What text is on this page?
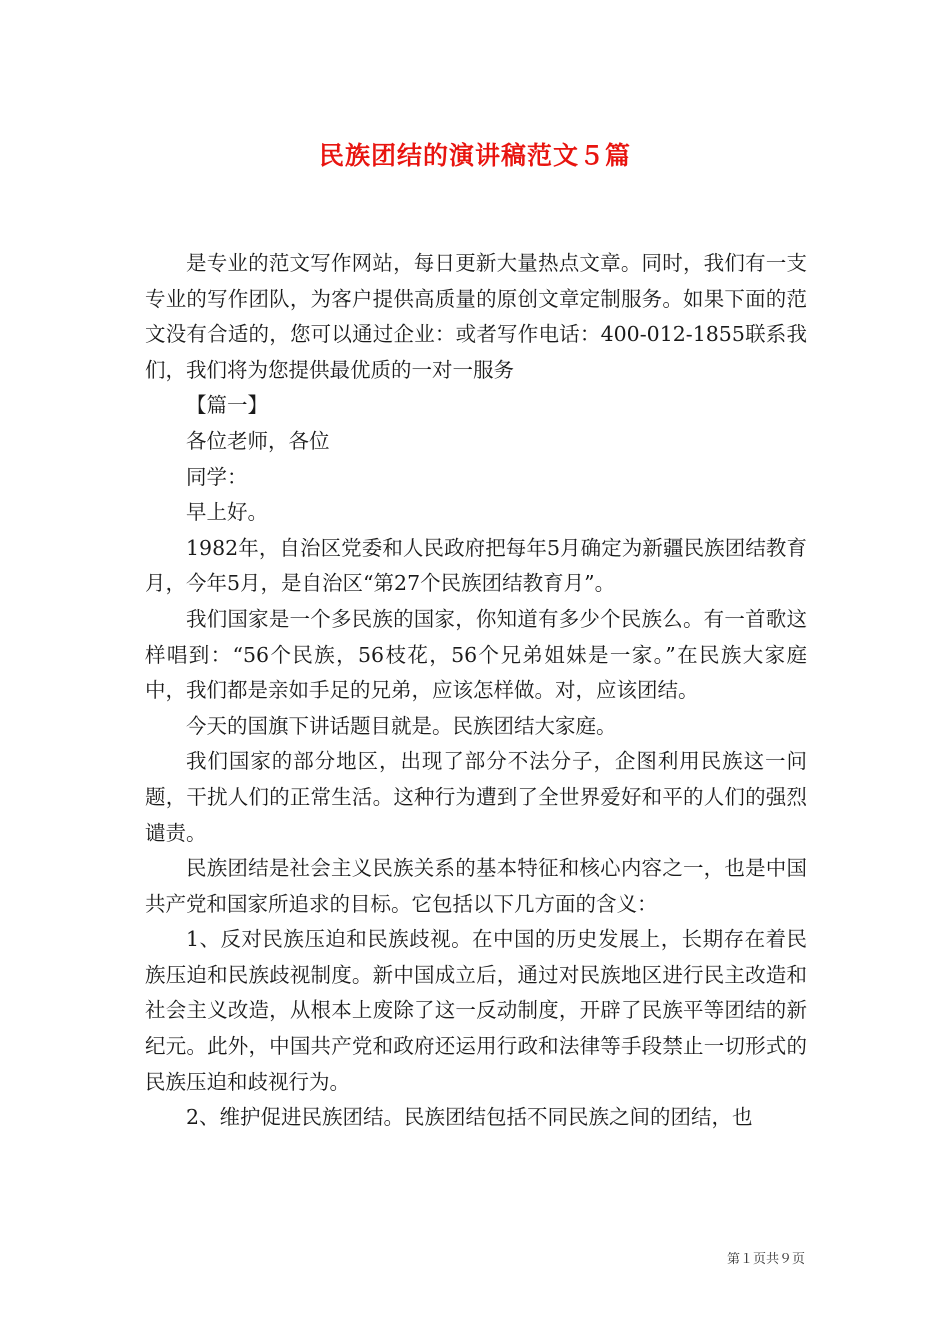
民族团结的演讲稿范文５篇

是专业的范文写作网站，每日更新大量热点文章。同时，我们有一支专业的写作团队，为客户提供高质量的原创文章定制服务。如果下面的范文没有合适的，您可以通过企业：或者写作电话：400-012-1855联系我们，我们将为您提供最优质的一对一服务

【篇一】

各位老师，各位

同学：

早上好。

1982年，自治区党委和人民政府把每年5月确定为新疆民族团结教育月，今年5月，是自治区“第27个民族团结教育月”。

我们国家是一个多民族的国家，你知道有多少个民族么。有一首歌这样唱到：“56个民族，56枝花，56个兄弟姐妹是一家。”在民族大家庭中，我们都是亲如手足的兄弟，应该怎样做。对，应该团结。

今天的国旗下讲话题目就是。民族团结大家庭。

我们国家的部分地区，出现了部分不法分子，企图利用民族这一问题，干扰人们的正常生活。这种行为遭到了全世界爱好和平的人们的强烈谴责。

民族团结是社会主义民族关系的基本特征和核心内容之一，也是中国共产党和国家所追求的目标。它包括以下几方面的含义：

1、反对民族压迫和民族歧视。在中国的历史发展上，长期存在着民族压迫和民族歧视制度。新中国成立后，通过对民族地区进行民主改造和社会主义改造，从根本上废除了这一反动制度，开辟了民族平等团结的新纪元。此外，中国共产党和政府还运用行政和法律等手段禁止一切形式的民族压迫和歧视行为。

2、维护促进民族团结。民族团结包括不同民族之间的团结，也

第１页共９页
